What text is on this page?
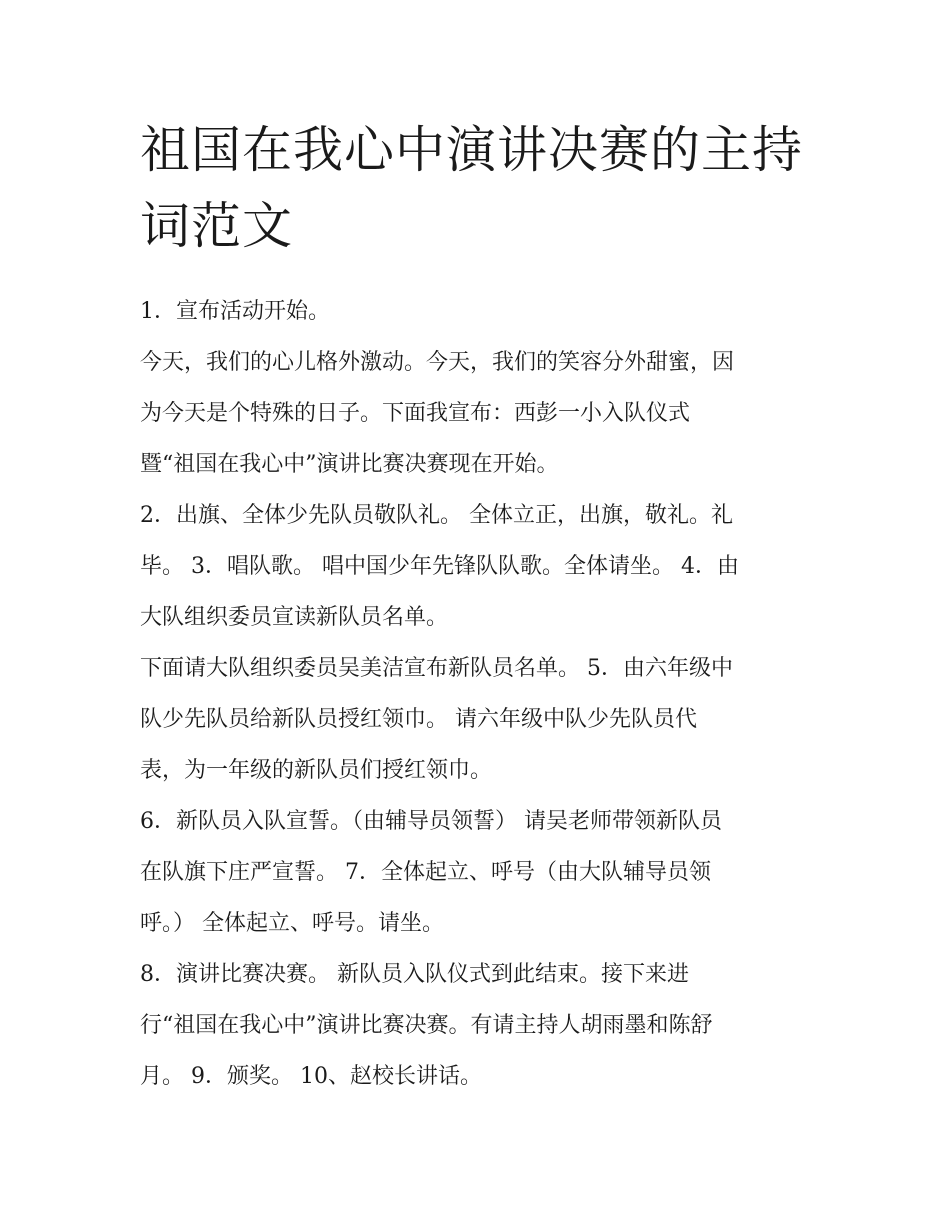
祖国在我心中演讲决赛的主持
词范文

1．宣布活动开始。

今天，我们的心儿格外激动。今天，我们的笑容分外甜蜜，因
为今天是个特殊的日子。下面我宣布：西彭一小入队仪式
暨“祖国在我心中”演讲比赛决赛现在开始。

2．出旗、全体少先队员敬队礼。 全体立正，出旗，敬礼。礼
毕。 3．唱队歌。 唱中国少年先锋队队歌。全体请坐。 4．由
大队组织委员宣读新队员名单。

下面请大队组织委员吴美洁宣布新队员名单。 5．由六年级中
队少先队员给新队员授红领巾。 请六年级中队少先队员代
表，为一年级的新队员们授红领巾。

6．新队员入队宣誓。（由辅导员领誓） 请吴老师带领新队员
在队旗下庄严宣誓。 7．全体起立、呼号（由大队辅导员领
呼。） 全体起立、呼号。请坐。

8．演讲比赛决赛。 新队员入队仪式到此结束。接下来进
行“祖国在我心中”演讲比赛决赛。有请主持人胡雨墨和陈舒
月。 9．颁奖。 10、赵校长讲话。
